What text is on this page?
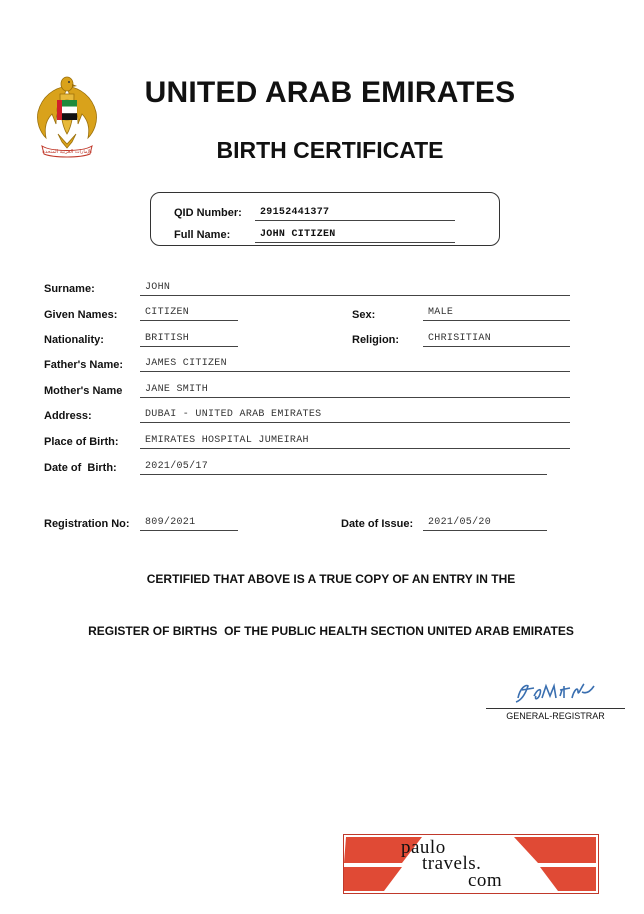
الإمارات العربية المتحدة
UNITED ARAB EMIRATES
BIRTH CERTIFICATE
QID Number:	29152441377
Full Name:	JOHN CITIZEN
Surname:	JOHN
Given Names:	CITIZEN	Sex:	MALE
Nationality:	BRITISH	Religion:	CHRISITIAN
Father's Name:	JAMES CITIZEN
Mother's Name	JANE SMITH
Address:	DUBAI - UNITED ARAB EMIRATES
Place of Birth:	EMIRATES HOSPITAL JUMEIRAH
Date of  Birth:	2021/05/17
Registration No:	809/2021	Date of Issue:	2021/05/20
CERTIFIED THAT ABOVE IS A TRUE COPY OF AN ENTRY IN THE
REGISTER OF BIRTHS  OF THE PUBLIC HEALTH SECTION UNITED ARAB EMIRATES
GENERAL-REGISTRAR
paulo
travels.
com
